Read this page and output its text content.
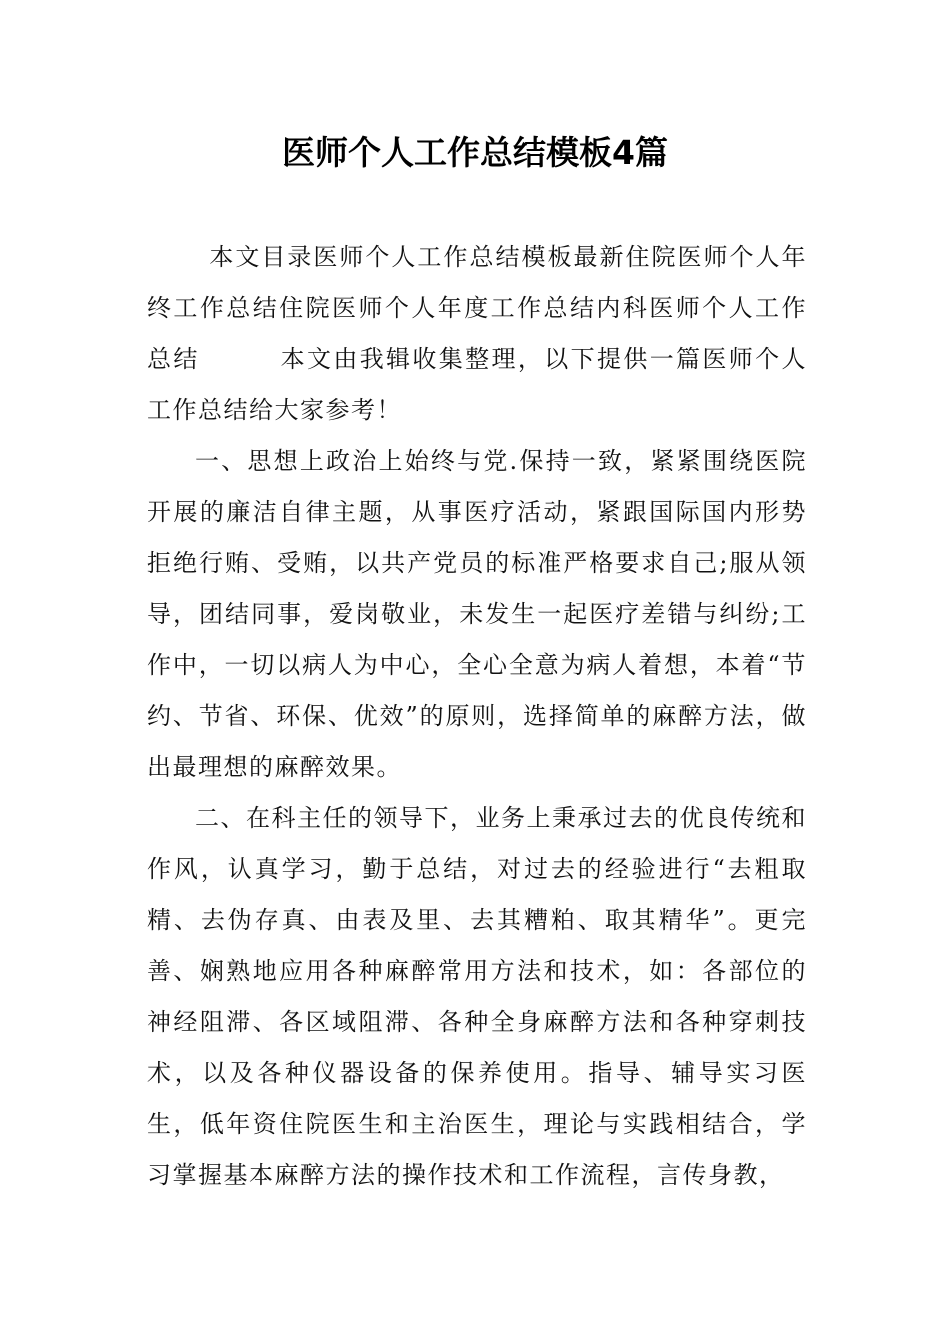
医师个人工作总结模板4篇

本文目录医师个人工作总结模板最新住院医师个人年终工作总结住院医师个人年度工作总结内科医师个人工作总结	本文由我辑收集整理，以下提供一篇医师个人工作总结给大家参考！

一、思想上政治上始终与党.保持一致，紧紧围绕医院开展的廉洁自律主题，从事医疗活动，紧跟国际国内形势拒绝行贿、受贿，以共产党员的标准严格要求自己;服从领导，团结同事，爱岗敬业，未发生一起医疗差错与纠纷;工作中，一切以病人为中心，全心全意为病人着想，本着“节约、节省、环保、优效”的原则，选择简单的麻醉方法，做出最理想的麻醉效果。

二、在科主任的领导下，业务上秉承过去的优良传统和作风，认真学习，勤于总结，对过去的经验进行“去粗取精、去伪存真、由表及里、去其糟粕、取其精华”。更完善、娴熟地应用各种麻醉常用方法和技术，如：各部位的神经阻滞、各区域阻滞、各种全身麻醉方法和各种穿刺技术，以及各种仪器设备的保养使用。指导、辅导实习医生，低年资住院医生和主治医生，理论与实践相结合，学习掌握基本麻醉方法的操作技术和工作流程，言传身教，
